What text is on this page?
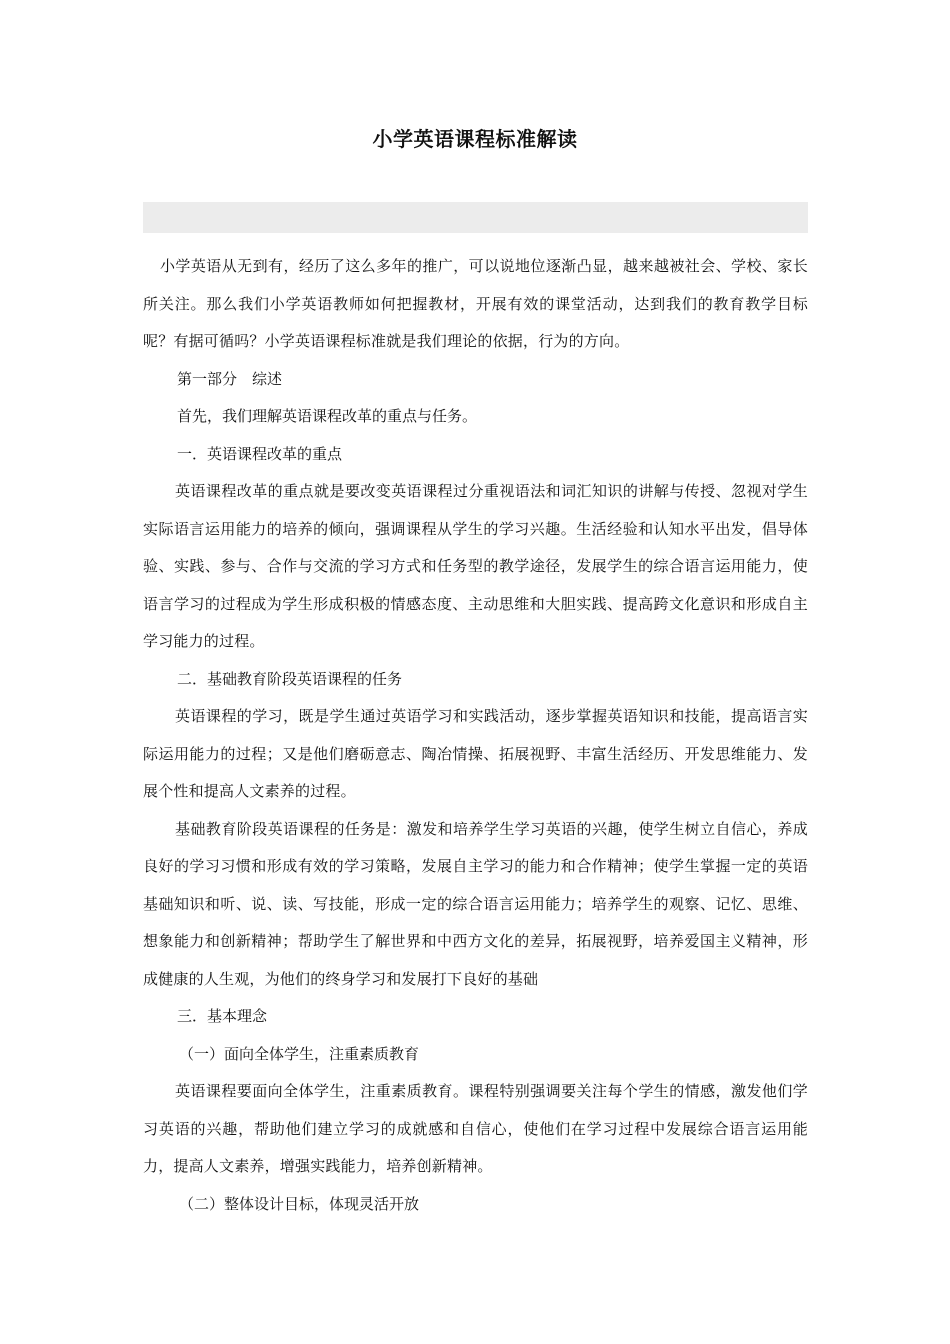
小学英语课程标准解读

小学英语从无到有，经历了这么多年的推广，可以说地位逐渐凸显，越来越被社会、学校、家长所关注。那么我们小学英语教师如何把握教材，开展有效的课堂活动，达到我们的教育教学目标呢？有据可循吗？小学英语课程标准就是我们理论的依据，行为的方向。

第一部分　综述

首先，我们理解英语课程改革的重点与任务。

一．英语课程改革的重点

英语课程改革的重点就是要改变英语课程过分重视语法和词汇知识的讲解与传授、忽视对学生实际语言运用能力的培养的倾向，强调课程从学生的学习兴趣。生活经验和认知水平出发，倡导体验、实践、参与、合作与交流的学习方式和任务型的教学途径，发展学生的综合语言运用能力，使语言学习的过程成为学生形成积极的情感态度、主动思维和大胆实践、提高跨文化意识和形成自主学习能力的过程。

二．基础教育阶段英语课程的任务

英语课程的学习，既是学生通过英语学习和实践活动，逐步掌握英语知识和技能，提高语言实际运用能力的过程；又是他们磨砺意志、陶冶情操、拓展视野、丰富生活经历、开发思维能力、发展个性和提高人文素养的过程。

基础教育阶段英语课程的任务是：激发和培养学生学习英语的兴趣，使学生树立自信心，养成良好的学习习惯和形成有效的学习策略，发展自主学习的能力和合作精神；使学生掌握一定的英语基础知识和听、说、读、写技能，形成一定的综合语言运用能力；培养学生的观察、记忆、思维、想象能力和创新精神；帮助学生了解世界和中西方文化的差异，拓展视野，培养爱国主义精神，形成健康的人生观，为他们的终身学习和发展打下良好的基础

三．基本理念

（一）面向全体学生，注重素质教育

英语课程要面向全体学生，注重素质教育。课程特别强调要关注每个学生的情感，激发他们学习英语的兴趣，帮助他们建立学习的成就感和自信心，使他们在学习过程中发展综合语言运用能力，提高人文素养，增强实践能力，培养创新精神。

（二）整体设计目标，体现灵活开放
